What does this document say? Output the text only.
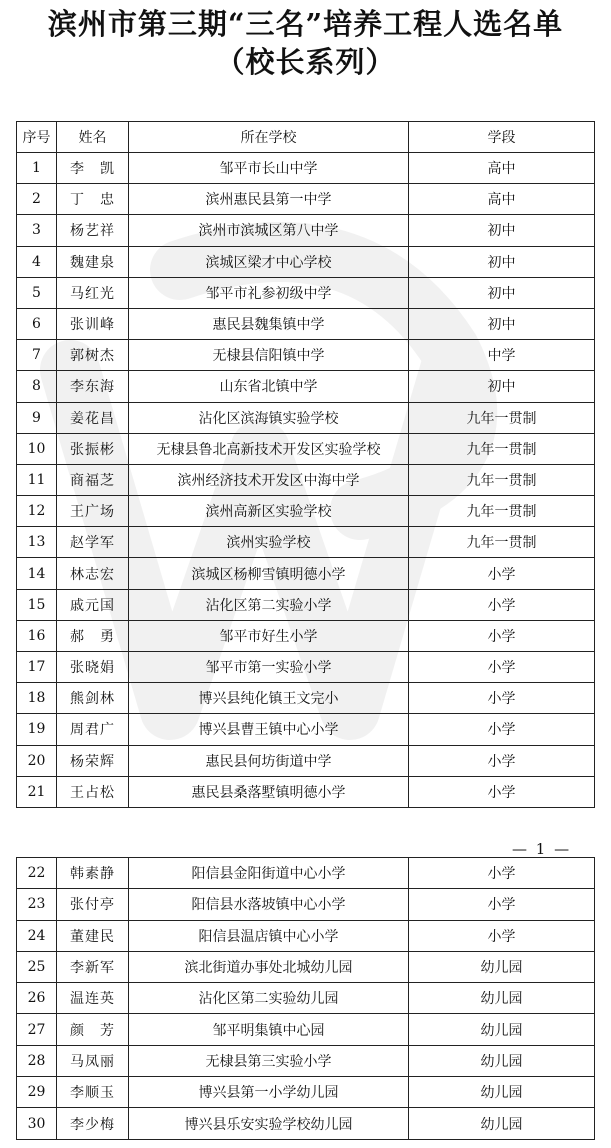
滨州市第三期“三名”培养工程人选名单
（校长系列）
序号	姓名	所在学校	学段
1	李　凯	邹平市长山中学	高中
2	丁　忠	滨州惠民县第一中学	高中
3	杨艺祥	滨州市滨城区第八中学	初中
4	魏建泉	滨城区梁才中心学校	初中
5	马红光	邹平市礼参初级中学	初中
6	张训峰	惠民县魏集镇中学	初中
7	郭树杰	无棣县信阳镇中学	中学
8	李东海	山东省北镇中学	初中
9	姜花昌	沾化区滨海镇实验学校	九年一贯制
10	张振彬	无棣县鲁北高新技术开发区实验学校	九年一贯制
11	商福芝	滨州经济技术开发区中海中学	九年一贯制
12	王广场	滨州高新区实验学校	九年一贯制
13	赵学军	滨州实验学校	九年一贯制
14	林志宏	滨城区杨柳雪镇明德小学	小学
15	戚元国	沾化区第二实验小学	小学
16	郝　勇	邹平市好生小学	小学
17	张晓娟	邹平市第一实验小学	小学
18	熊剑林	博兴县纯化镇王文完小	小学
19	周君广	博兴县曹王镇中心小学	小学
20	杨荣辉	惠民县何坊街道中学	小学
21	王占松	惠民县桑落墅镇明德小学	小学
— 1 —
22	韩素静	阳信县金阳街道中心小学	小学
23	张付亭	阳信县水落坡镇中心小学	小学
24	董建民	阳信县温店镇中心小学	小学
25	李新军	滨北街道办事处北城幼儿园	幼儿园
26	温连英	沾化区第二实验幼儿园	幼儿园
27	颜　芳	邹平明集镇中心园	幼儿园
28	马凤丽	无棣县第三实验小学	幼儿园
29	李顺玉	博兴县第一小学幼儿园	幼儿园
30	李少梅	博兴县乐安实验学校幼儿园	幼儿园
